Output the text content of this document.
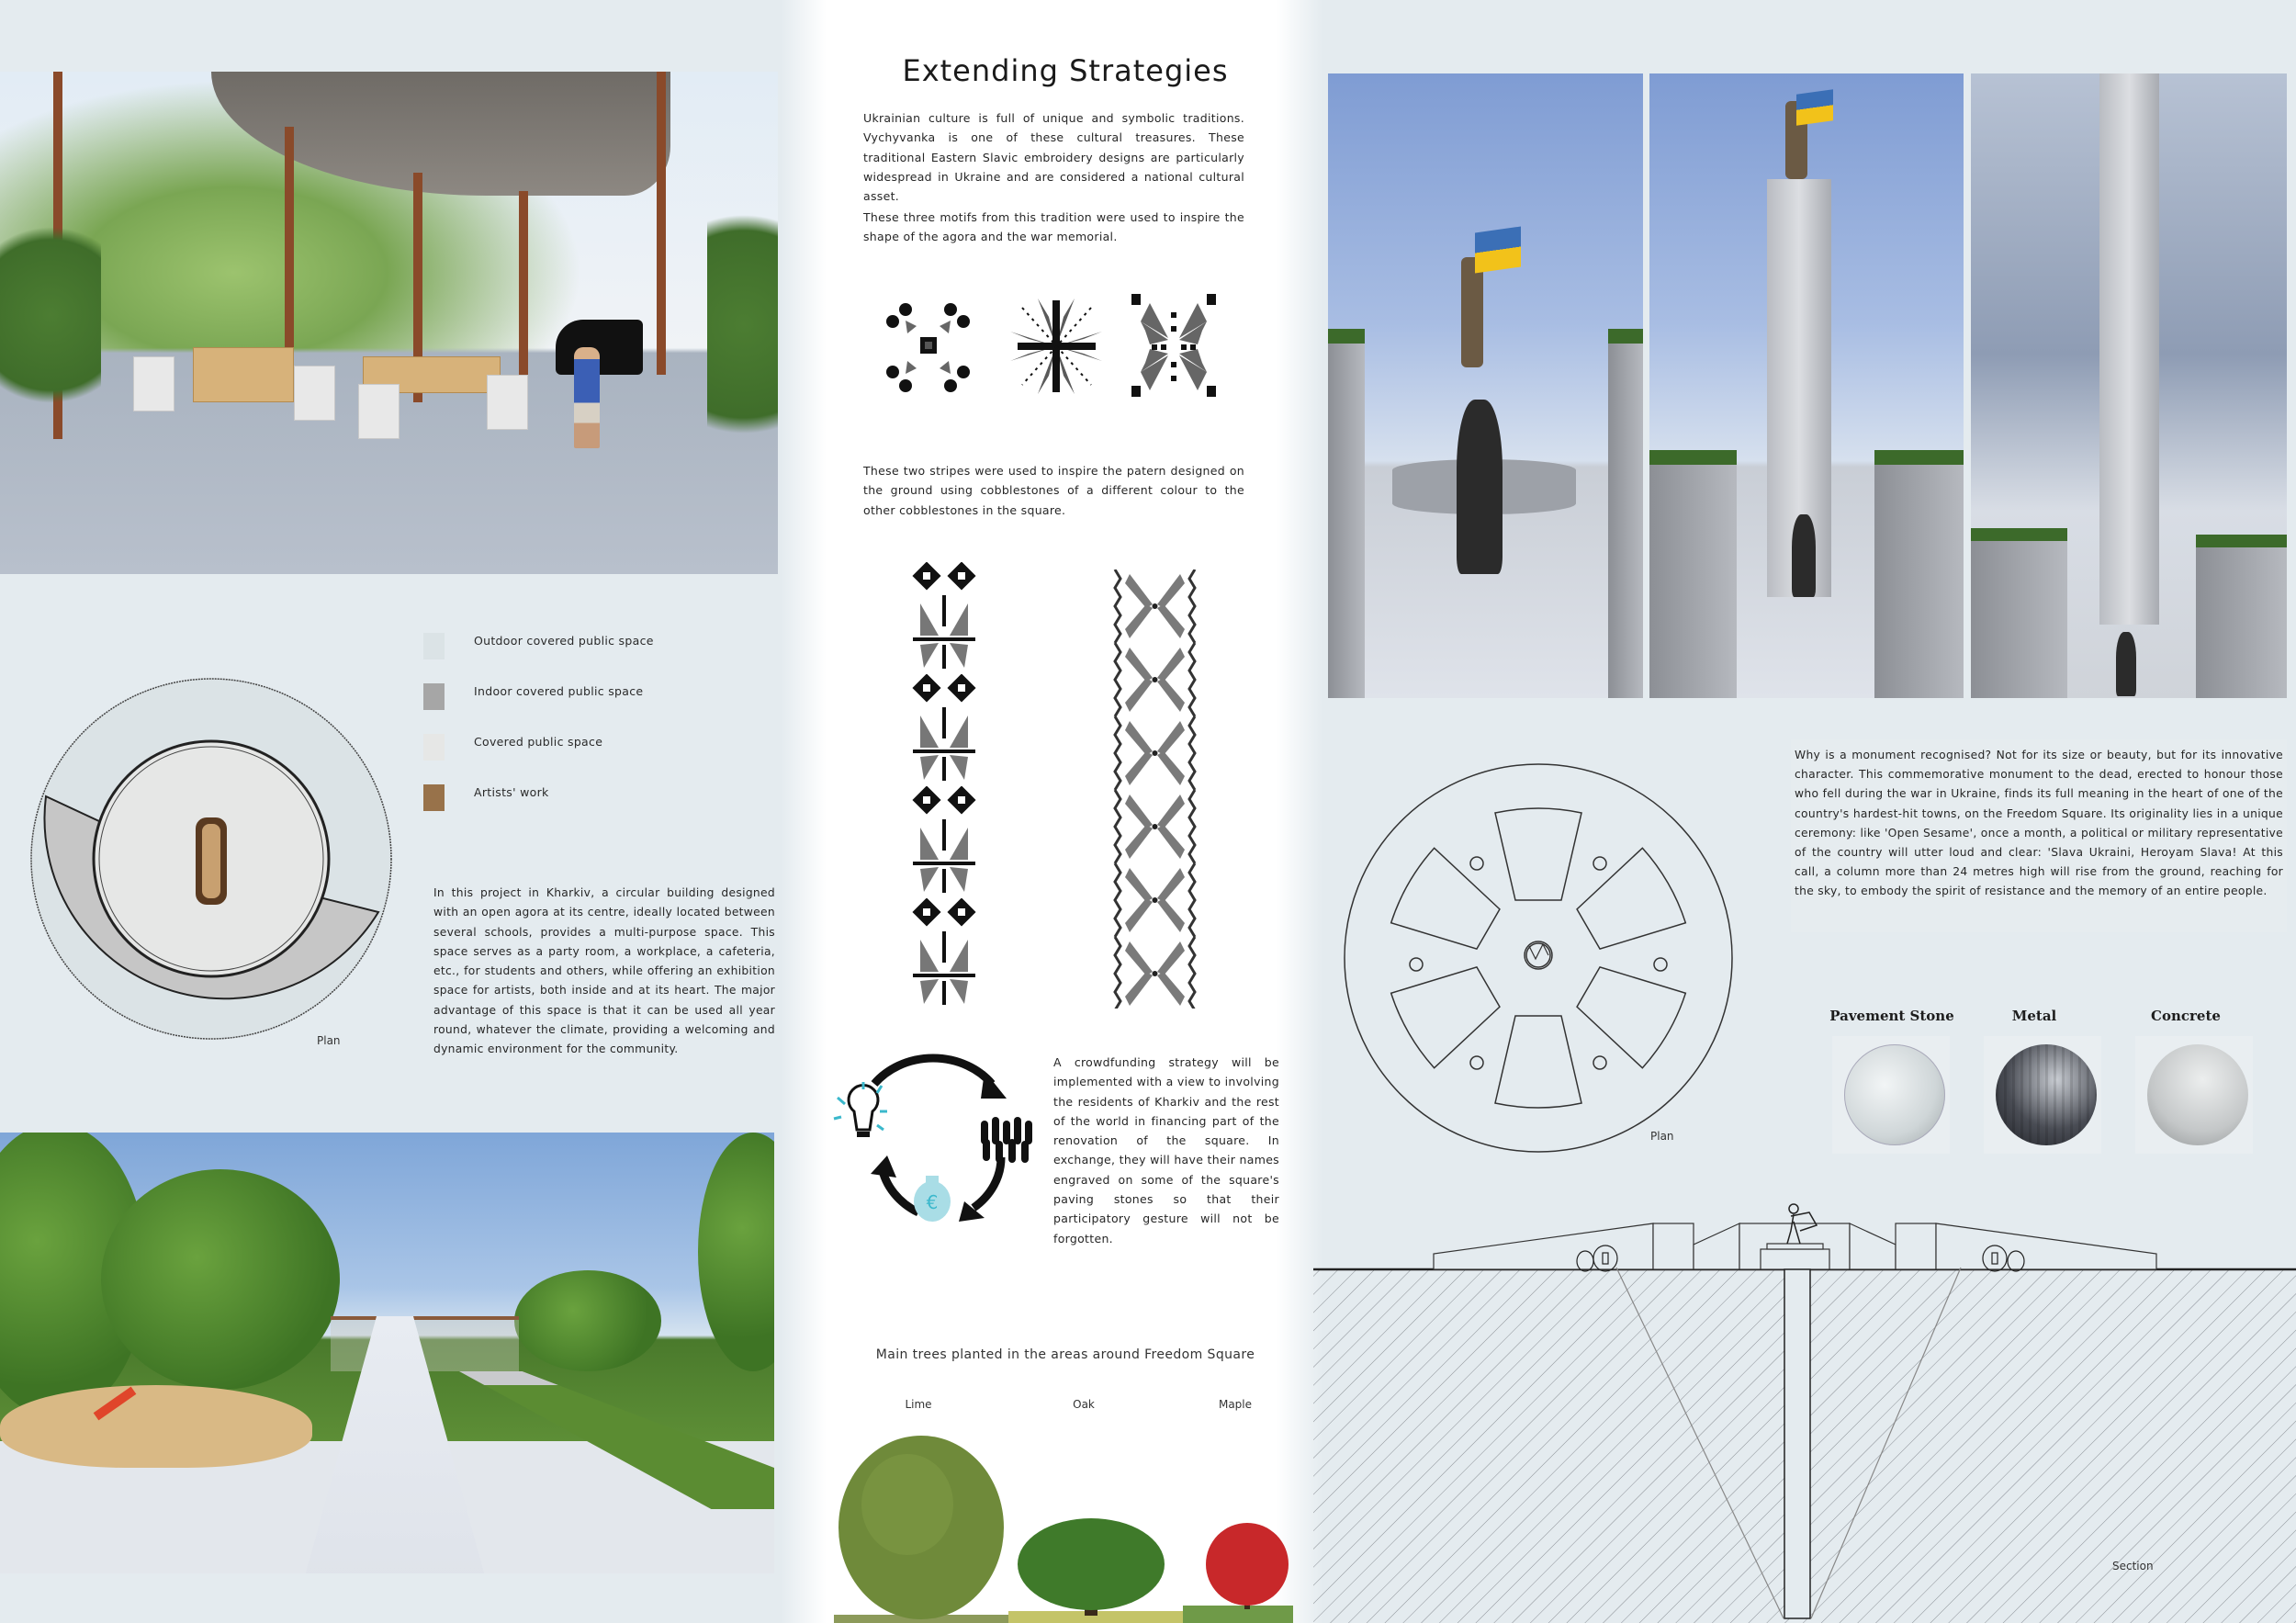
Extending Strategies
Ukrainian culture is full of unique and symbolic traditions. Vychyvanka is one of these cultural treasures. These traditional Eastern Slavic embroidery designs are particularly widespread in Ukraine and are considered a national cultural asset.
These three motifs from this tradition were used to inspire the shape of the agora and the war memorial.
These two stripes were used to inspire the patern designed on the ground using cobblestones of a different colour to the other cobblestones in the square.
€
A crowdfunding strategy will be implemented with a view to involving the residents of Kharkiv and the rest of the world in financing part of the renovation of the square. In exchange, they will have their names engraved on some of the square's paving stones so that their participatory gesture will not be forgotten.
Main trees planted in the areas around Freedom Square
Lime	Oak	Maple
Outdoor covered public space
Indoor covered public space
Covered public space
Artists' work
Plan
In this project in Kharkiv, a circular building designed with an open agora at its centre, ideally located between several schools, provides a multi-purpose space. This space serves as a party room, a workplace, a cafeteria, etc., for students and others, while offering an exhibition space for artists, both inside and at its heart. The major advantage of this space is that it can be used all year round, whatever the climate, providing a welcoming and dynamic environment for the community.
Why is a monument recognised? Not for its size or beauty, but for its innovative character. This commemorative monument to the dead, erected to honour those who fell during the war in Ukraine, finds its full meaning in the heart of one of the country's hardest-hit towns, on the Freedom Square. Its originality lies in a unique ceremony: like 'Open Sesame', once a month, a political or military representative of the country will utter loud and clear: 'Slava Ukraini, Heroyam Slava! At this call, a column more than 24 metres high will rise from the ground, reaching for the sky, to embody the spirit of resistance and the memory of an entire people.
Plan
Pavement Stone	Metal	Concrete
Section
